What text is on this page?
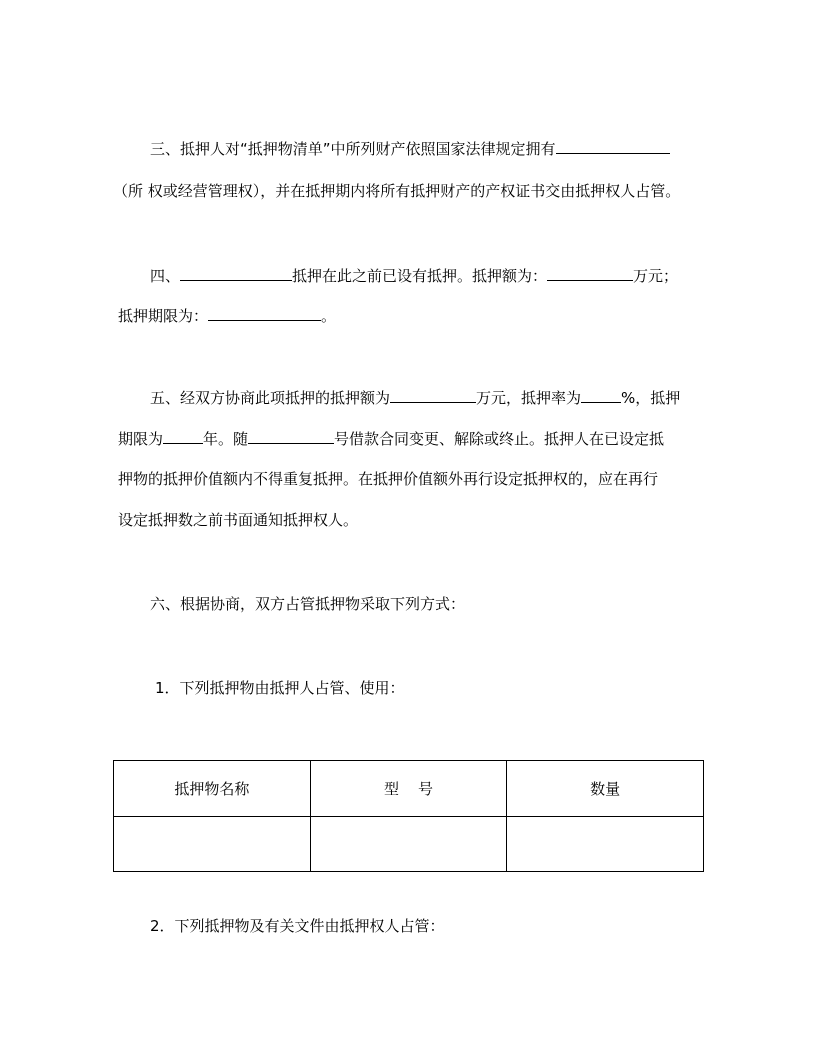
三、抵押人对“抵押物清单”中所列财产依照国家法律规定拥有
（所 权或经营管理权），并在抵押期内将所有抵押财产的产权证书交由抵押权人占管。
四、	抵押在此之前已设有抵押。抵押额为：	万元；
抵押期限为：	。
五、经双方协商此项抵押的抵押额为	万元，抵押率为	%，抵押
期限为	年。随	号借款合同变更、解除或终止。抵押人在已设定抵
押物的抵押价值额内不得重复抵押。在抵押价值额外再行设定抵押权的，应在再行
设定抵押数之前书面通知抵押权人。
六、根据协商，双方占管抵押物采取下列方式：
1．下列抵押物由抵押人占管、使用：
抵押物名称	型    号	数量

2．下列抵押物及有关文件由抵押权人占管：
